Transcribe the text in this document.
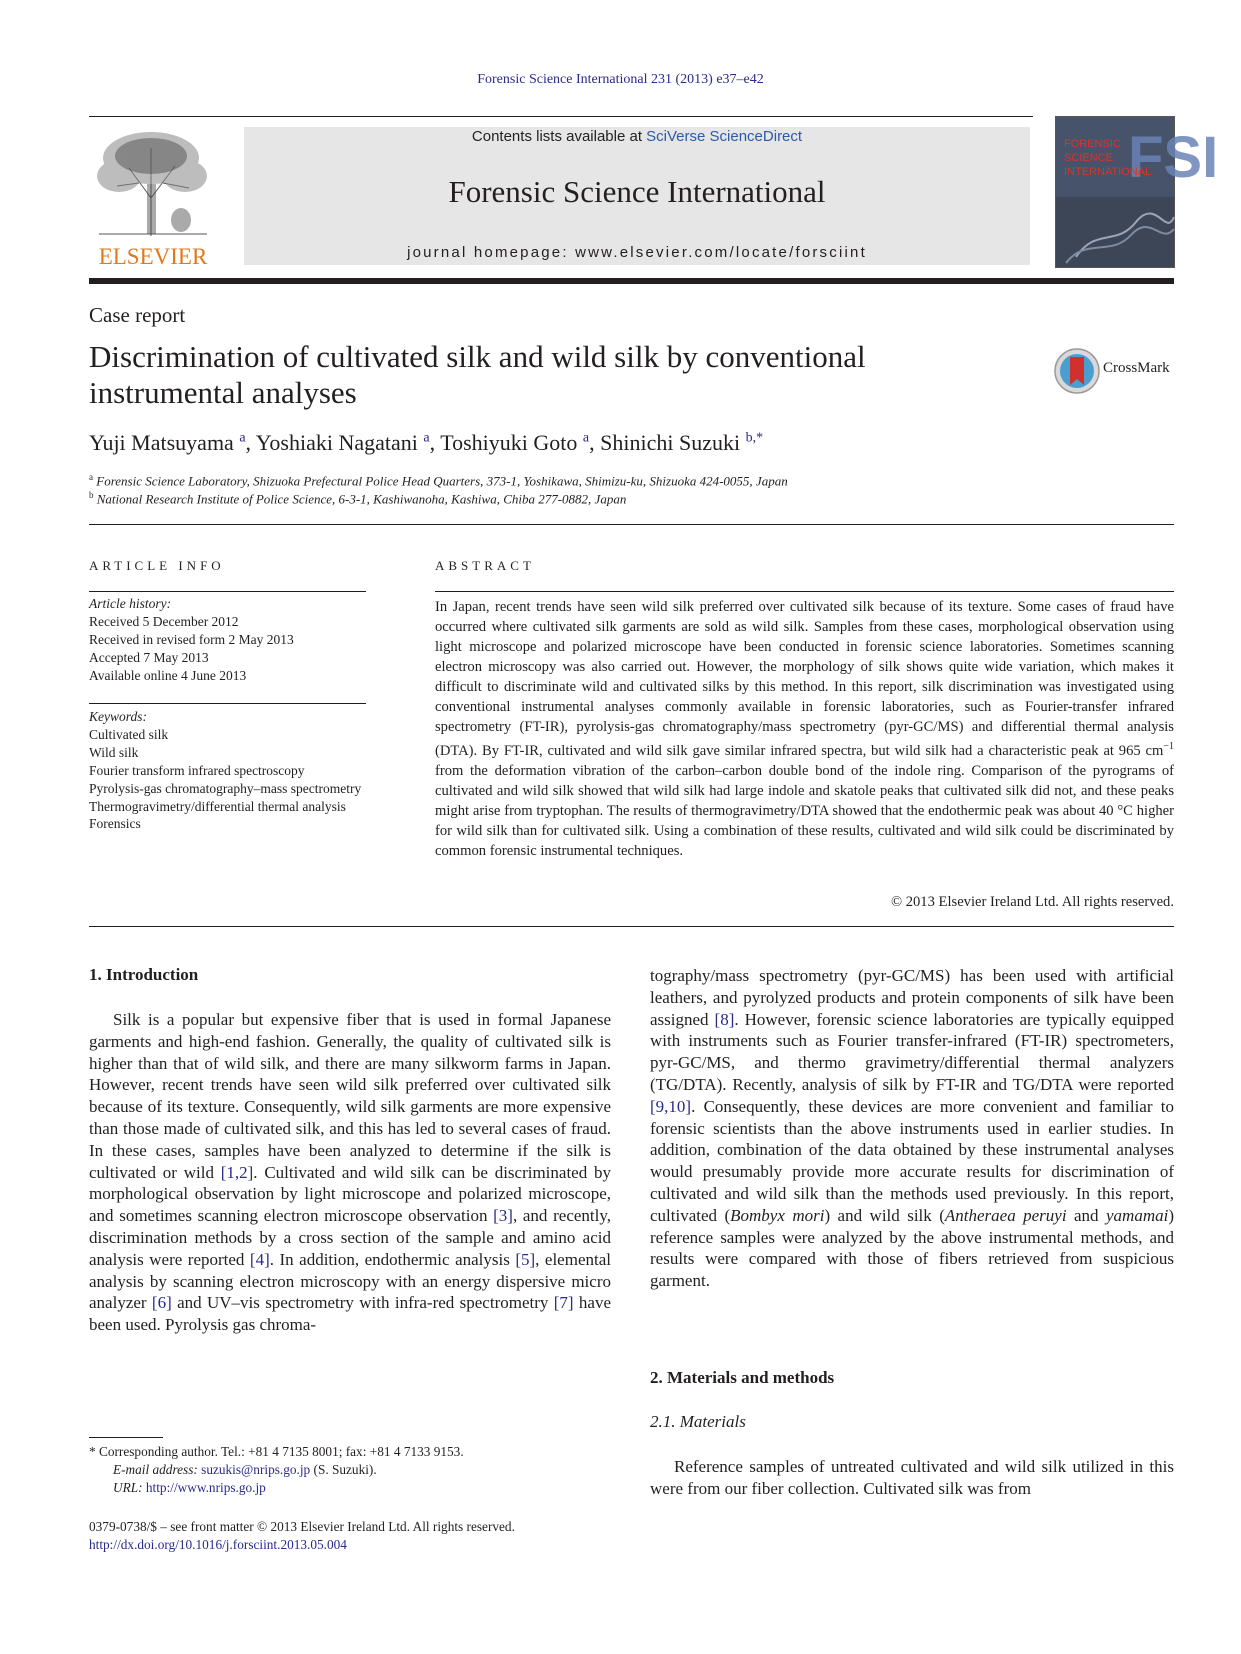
Forensic Science International 231 (2013) e37–e42
ELSEVIER
Contents lists available at SciVerse ScienceDirect
Forensic Science International
journal homepage: www.elsevier.com/locate/forsciint
FSI
FORENSIC
SCIENCE
INTERNATIONAL
Case report
Discrimination of cultivated silk and wild silk by conventional instrumental analyses
CrossMark
Yuji Matsuyama $^a$, Yoshiaki Nagatani $^a$, Toshiyuki Goto $^a$, Shinichi Suzuki $^{b,*}$
$^a$ Forensic Science Laboratory, Shizuoka Prefectural Police Head Quarters, 373-1, Yoshikawa, Shimizu-ku, Shizuoka 424-0055, Japan
$^b$ National Research Institute of Police Science, 6-3-1, Kashiwanoha, Kashiwa, Chiba 277-0882, Japan
ARTICLE INFO
Article history:
Received 5 December 2012
Received in revised form 2 May 2013
Accepted 7 May 2013
Available online 4 June 2013
Keywords:
Cultivated silk
Wild silk
Fourier transform infrared spectroscopy
Pyrolysis-gas chromatography–mass spectrometry
Thermogravimetry/differential thermal analysis
Forensics
ABSTRACT
In Japan, recent trends have seen wild silk preferred over cultivated silk because of its texture. Some cases of fraud have occurred where cultivated silk garments are sold as wild silk. Samples from these cases, morphological observation using light microscope and polarized microscope have been conducted in forensic science laboratories. Sometimes scanning electron microscopy was also carried out. However, the morphology of silk shows quite wide variation, which makes it difficult to discriminate wild and cultivated silks by this method. In this report, silk discrimination was investigated using conventional instrumental analyses commonly available in forensic laboratories, such as Fourier-transfer infrared spectrometry (FT-IR), pyrolysis-gas chromatography/mass spectrometry (pyr-GC/MS) and differential thermal analysis (DTA). By FT-IR, cultivated and wild silk gave similar infrared spectra, but wild silk had a characteristic peak at 965 $cm^{-1}$ from the deformation vibration of the carbon–carbon double bond of the indole ring. Comparison of the pyrograms of cultivated and wild silk showed that wild silk had large indole and skatole peaks that cultivated silk did not, and these peaks might arise from tryptophan. The results of thermogravimetry/DTA showed that the endothermic peak was about 40 °C higher for wild silk than for cultivated silk. Using a combination of these results, cultivated and wild silk could be discriminated by common forensic instrumental techniques.
© 2013 Elsevier Ireland Ltd. All rights reserved.
1. Introduction

Silk is a popular but expensive fiber that is used in formal Japanese garments and high-end fashion. Generally, the quality of cultivated silk is higher than that of wild silk, and there are many silkworm farms in Japan. However, recent trends have seen wild silk preferred over cultivated silk because of its texture. Consequently, wild silk garments are more expensive than those made of cultivated silk, and this has led to several cases of fraud. In these cases, samples have been analyzed to determine if the silk is cultivated or wild [1,2]. Cultivated and wild silk can be discriminated by morphological observation by light microscope and polarized microscope, and sometimes scanning electron microscope observation [3], and recently, discrimination methods by a cross section of the sample and amino acid analysis were reported [4]. In addition, endothermic analysis [5], elemental analysis by scanning electron microscopy with an energy dispersive micro analyzer [6] and UV–vis spectrometry with infra-red spectrometry [7] have been used. Pyrolysis gas chroma-

tography/mass spectrometry (pyr-GC/MS) has been used with artificial leathers, and pyrolyzed products and protein components of silk have been assigned [8]. However, forensic science laboratories are typically equipped with instruments such as Fourier transfer-infrared (FT-IR) spectrometers, pyr-GC/MS, and thermo gravimetry/differential thermal analyzers (TG/DTA). Recently, analysis of silk by FT-IR and TG/DTA were reported [9,10]. Consequently, these devices are more convenient and familiar to forensic scientists than the above instruments used in earlier studies. In addition, combination of the data obtained by these instrumental analyses would presumably provide more accurate results for discrimination of cultivated and wild silk than the methods used previously. In this report, cultivated (Bombyx mori) and wild silk (Antheraea peruyi and yamamai) reference samples were analyzed by the above instrumental methods, and results were compared with those of fibers retrieved from suspicious garment.

2. Materials and methods
2.1. Materials

Reference samples of untreated cultivated and wild silk utilized in this were from our fiber collection. Cultivated silk was from

* Corresponding author. Tel.: +81 4 7135 8001; fax: +81 4 7133 9153.
E-mail address: suzukis@nrips.go.jp (S. Suzuki).
URL: http://www.nrips.go.jp
0379-0738/$ – see front matter © 2013 Elsevier Ireland Ltd. All rights reserved.
http://dx.doi.org/10.1016/j.forsciint.2013.05.004
